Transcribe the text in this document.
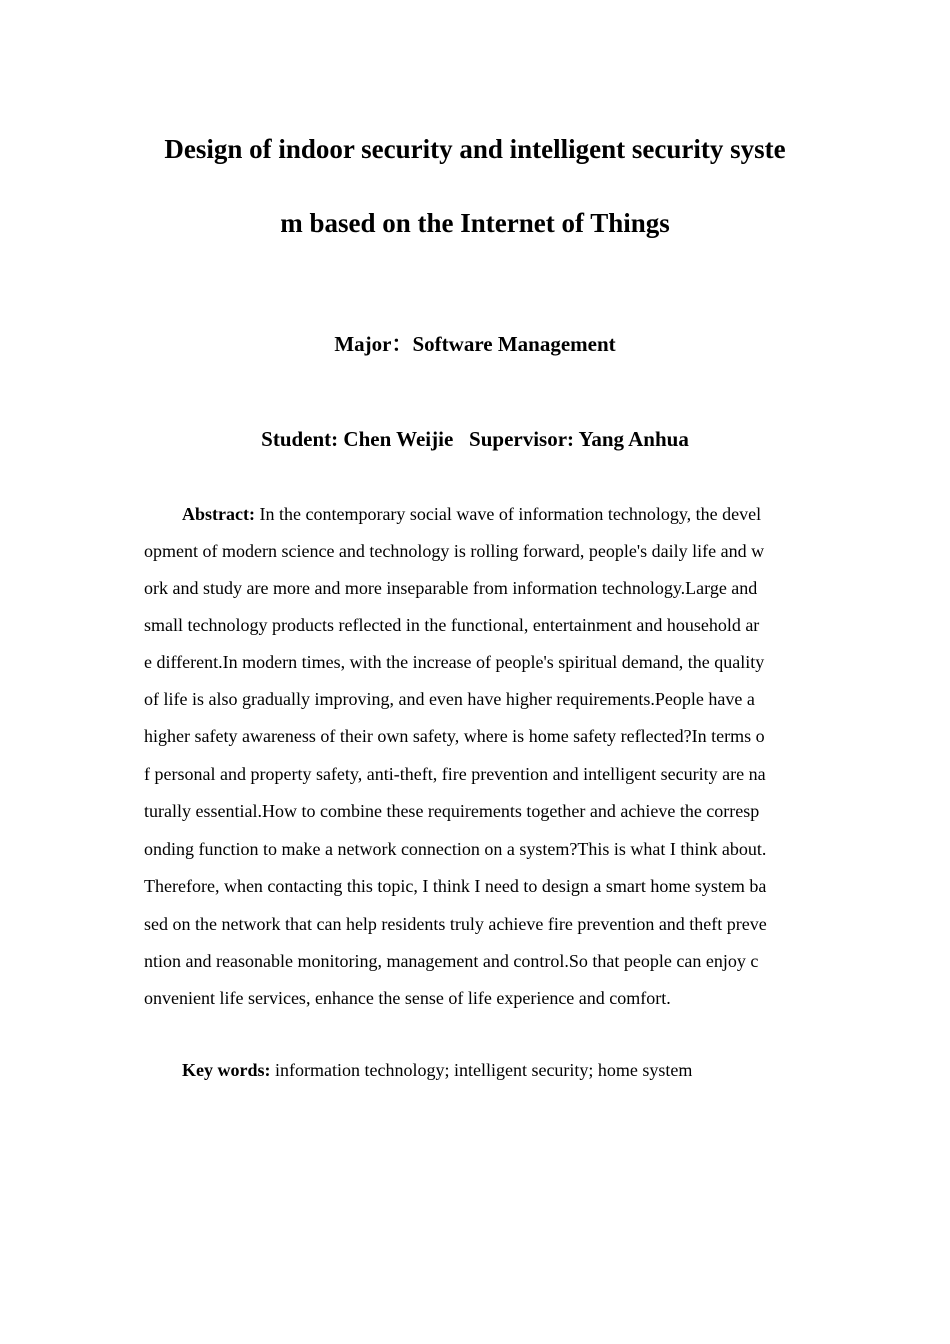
Design of indoor security and intelligent security syste
m based on the Internet of Things
Major：Software Management
Student: Chen Weijie Supervisor: Yang Anhua
Abstract: In the contemporary social wave of information technology, the devel
opment of modern science and technology is rolling forward, people's daily life and w
ork and study are more and more inseparable from information technology.Large and
small technology products reflected in the functional, entertainment and household ar
e different.In modern times, with the increase of people's spiritual demand, the quality
of life is also gradually improving, and even have higher requirements.People have a
higher safety awareness of their own safety, where is home safety reflected?In terms o
f personal and property safety, anti-theft, fire prevention and intelligent security are na
turally essential.How to combine these requirements together and achieve the corresp
onding function to make a network connection on a system?This is what I think about.
Therefore, when contacting this topic, I think I need to design a smart home system ba
sed on the network that can help residents truly achieve fire prevention and theft preve
ntion and reasonable monitoring, management and control.So that people can enjoy c
onvenient life services, enhance the sense of life experience and comfort.
Key words: information technology; intelligent security; home system
